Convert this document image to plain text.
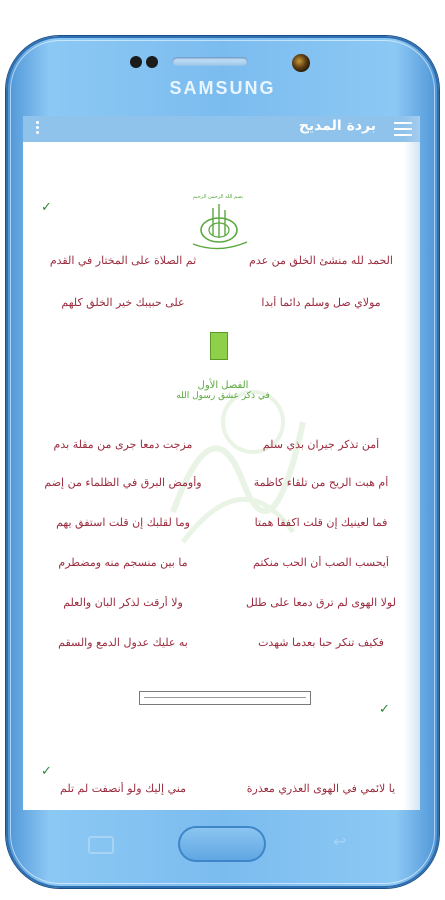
SAMSUNG
بردة المديح
✓
بسم الله الرحمن الرحيم
الحمد لله منشئ الخلق من عدم
ثم الصلاة على المختار في القدم
مولاي صل وسلم دائما أبدا
على حبيبك خير الخلق كلهم
الفصل الأول
في ذكر عشق رسول الله
أمن تذكر جيران بذي سلم
مزجت دمعا جرى من مقلة بدم
أم هبت الريح من تلقاء كاظمة
وأومض البرق في الظلماء من إضم
فما لعينيك إن قلت اكففا همتا
وما لقلبك إن قلت استفق يهم
أيحسب الصب أن الحب منكتم
ما بين منسجم منه ومضطرم
لولا الهوى لم ترق دمعا على طلل
ولا أرقت لذكر البان والعلم
فكيف تنكر حبا بعدما شهدت
به عليك عدول الدمع والسقم
✓
✓
يا لائمي في الهوى العذري معذرة
مني إليك ولو أنصفت لم تلم
↩
